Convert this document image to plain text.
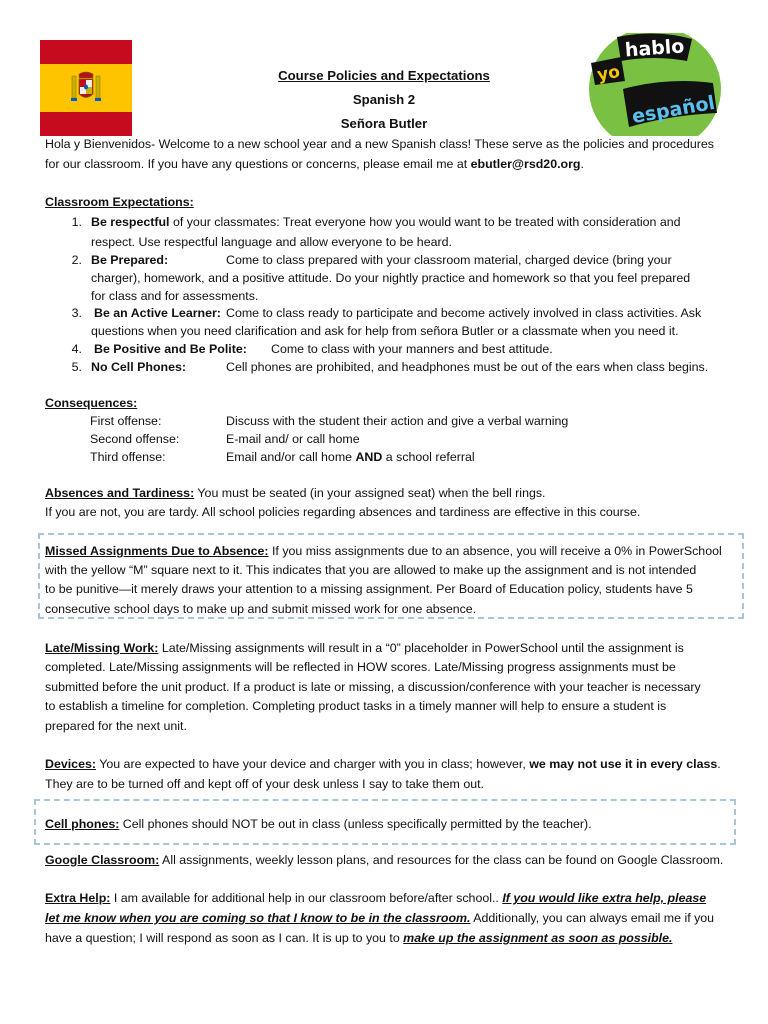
hablo
yo
español
Course Policies and Expectations
Spanish 2
Señora Butler
Hola y Bienvenidos- Welcome to a new school year and a new Spanish class! These serve as the policies and procedures
for our classroom. If you have any questions or concerns, please email me at ebutler@rsd20.org.
Classroom Expectations:
1. Be respectful of your classmates: Treat everyone how you would want to be treated with consideration and
respect. Use respectful language and allow everyone to be heard.
2. Be Prepared:	Come to class prepared with your classroom material, charged device (bring your
charger), homework, and a positive attitude. Do your nightly practice and homework so that you feel prepared
for class and for assessments.
3. Be an Active Learner: Come to class ready to participate and become actively involved in class activities. Ask
questions when you need clarification and ask for help from señora Butler or a classmate when you need it.
4. Be Positive and Be Polite: Come to class with your manners and best attitude.
5. No Cell Phones:	Cell phones are prohibited, and headphones must be out of the ears when class begins.
Consequences:
First offense:	Discuss with the student their action and give a verbal warning
Second offense:	E-mail and/ or call home
Third offense:	Email and/or call home AND a school referral
Absences and Tardiness: You must be seated (in your assigned seat) when the bell rings.
If you are not, you are tardy. All school policies regarding absences and tardiness are effective in this course.
Missed Assignments Due to Absence: If you miss assignments due to an absence, you will receive a 0% in PowerSchool
with the yellow “M” square next to it. This indicates that you are allowed to make up the assignment and is not intended
to be punitive—it merely draws your attention to a missing assignment. Per Board of Education policy, students have 5
consecutive school days to make up and submit missed work for one absence.
Late/Missing Work: Late/Missing assignments will result in a “0” placeholder in PowerSchool until the assignment is
completed. Late/Missing assignments will be reflected in HOW scores. Late/Missing progress assignments must be
submitted before the unit product. If a product is late or missing, a discussion/conference with your teacher is necessary
to establish a timeline for completion. Completing product tasks in a timely manner will help to ensure a student is
prepared for the next unit.
Devices: You are expected to have your device and charger with you in class; however, we may not use it in every class.
They are to be turned off and kept off of your desk unless I say to take them out.
Cell phones: Cell phones should NOT be out in class (unless specifically permitted by the teacher).
Google Classroom: All assignments, weekly lesson plans, and resources for the class can be found on Google Classroom.
Extra Help: I am available for additional help in our classroom before/after school.. If you would like extra help, please
let me know when you are coming so that I know to be in the classroom. Additionally, you can always email me if you
have a question; I will respond as soon as I can. It is up to you to make up the assignment as soon as possible.
